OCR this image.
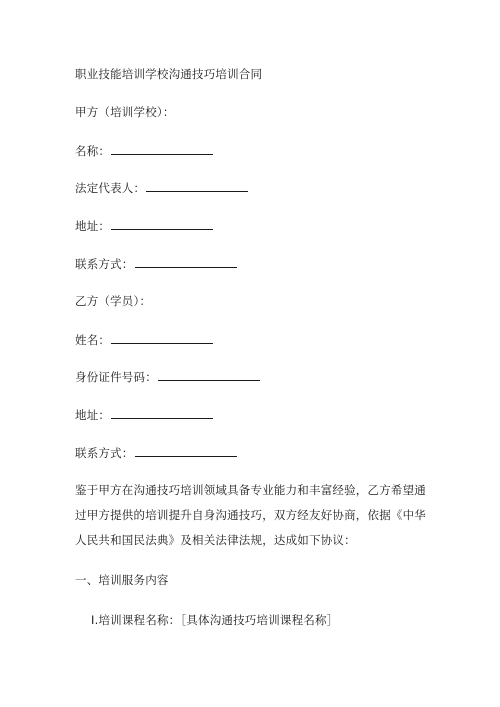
职业技能培训学校沟通技巧培训合同
甲方（培训学校）：
名称：
法定代表人：
地址：
联系方式：
乙方（学员）：
姓名：
身份证件号码：
地址：
联系方式：
鉴于甲方在沟通技巧培训领域具备专业能力和丰富经验，乙方希望通过甲方提供的培训提升自身沟通技巧，双方经友好协商，依据《中华人民共和国民法典》及相关法律法规，达成如下协议：
一、培训服务内容
I.培训课程名称：［具体沟通技巧培训课程名称］
